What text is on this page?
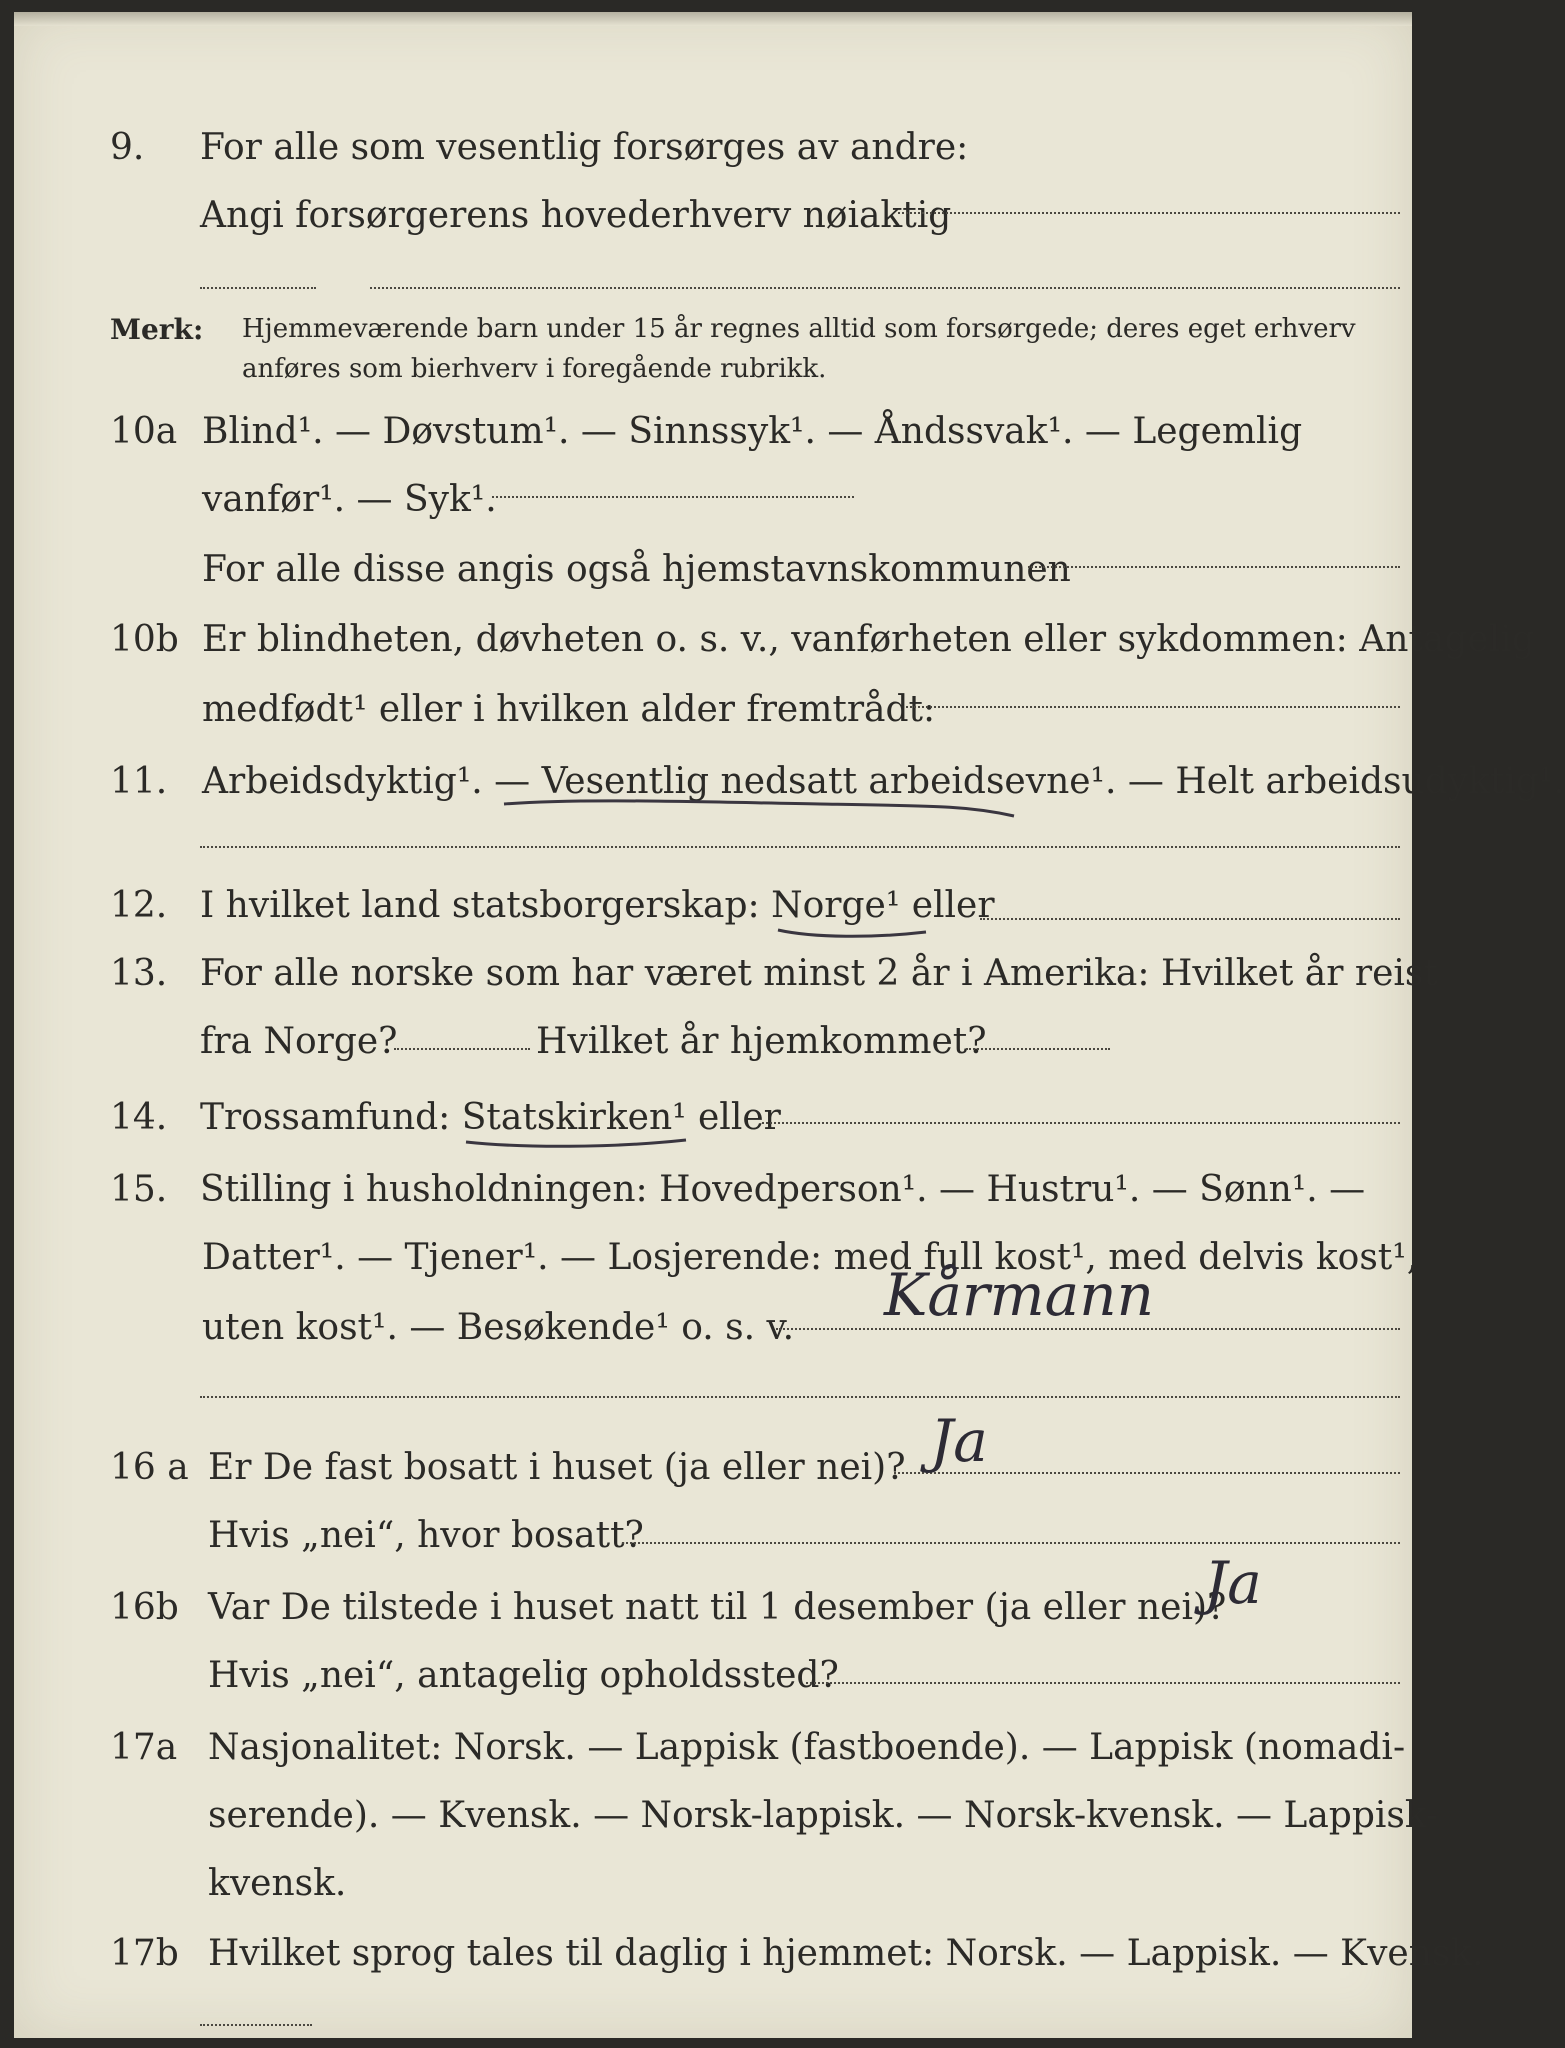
9. For alle som vesentlig forsørges av andre:
Angi forsørgerens hovederhverv nøiaktig
Merk: Hjemmeværende barn under 15 år regnes alltid som forsørgede; deres eget erhverv
anføres som bierhverv i foregående rubrikk.
10a Blind¹. — Døvstum¹. — Sinnssyk¹. — Åndssvak¹. — Legemlig
vanfør¹. — Syk¹.
For alle disse angis også hjemstavnskommunen
10b Er blindheten, døvheten o. s. v., vanførheten eller sykdommen: Antagelig
medfødt¹ eller i hvilken alder fremtrådt:
11. Arbeidsdyktig¹. — Vesentlig nedsatt arbeidsevne¹. — Helt arbeidsudyktig¹.
12. I hvilket land statsborgerskap: Norge¹ eller
13. For alle norske som har været minst 2 år i Amerika: Hvilket år reist
fra Norge?	Hvilket år hjemkommet?
14. Trossamfund: Statskirken¹ eller
15. Stilling i husholdningen: Hovedperson¹. — Hustru¹. — Sønn¹. —
Datter¹. — Tjener¹. — Losjerende: med full kost¹, med delvis kost¹,
uten kost¹. — Besøkende¹ o. s. v. Kårmann
16 a Er De fast bosatt i huset (ja eller nei)? Ja
Hvis „nei“, hvor bosatt?
16b Var De tilstede i huset natt til 1 desember (ja eller nei)?
Ja
Hvis „nei“, antagelig opholdssted?
17a Nasjonalitet: Norsk. — Lappisk (fastboende). — Lappisk (nomadi-
serende). — Kvensk. — Norsk-lappisk. — Norsk-kvensk. — Lappisk-
kvensk.
17b Hvilket sprog tales til daglig i hjemmet: Norsk. — Lappisk. — Kvensk.
